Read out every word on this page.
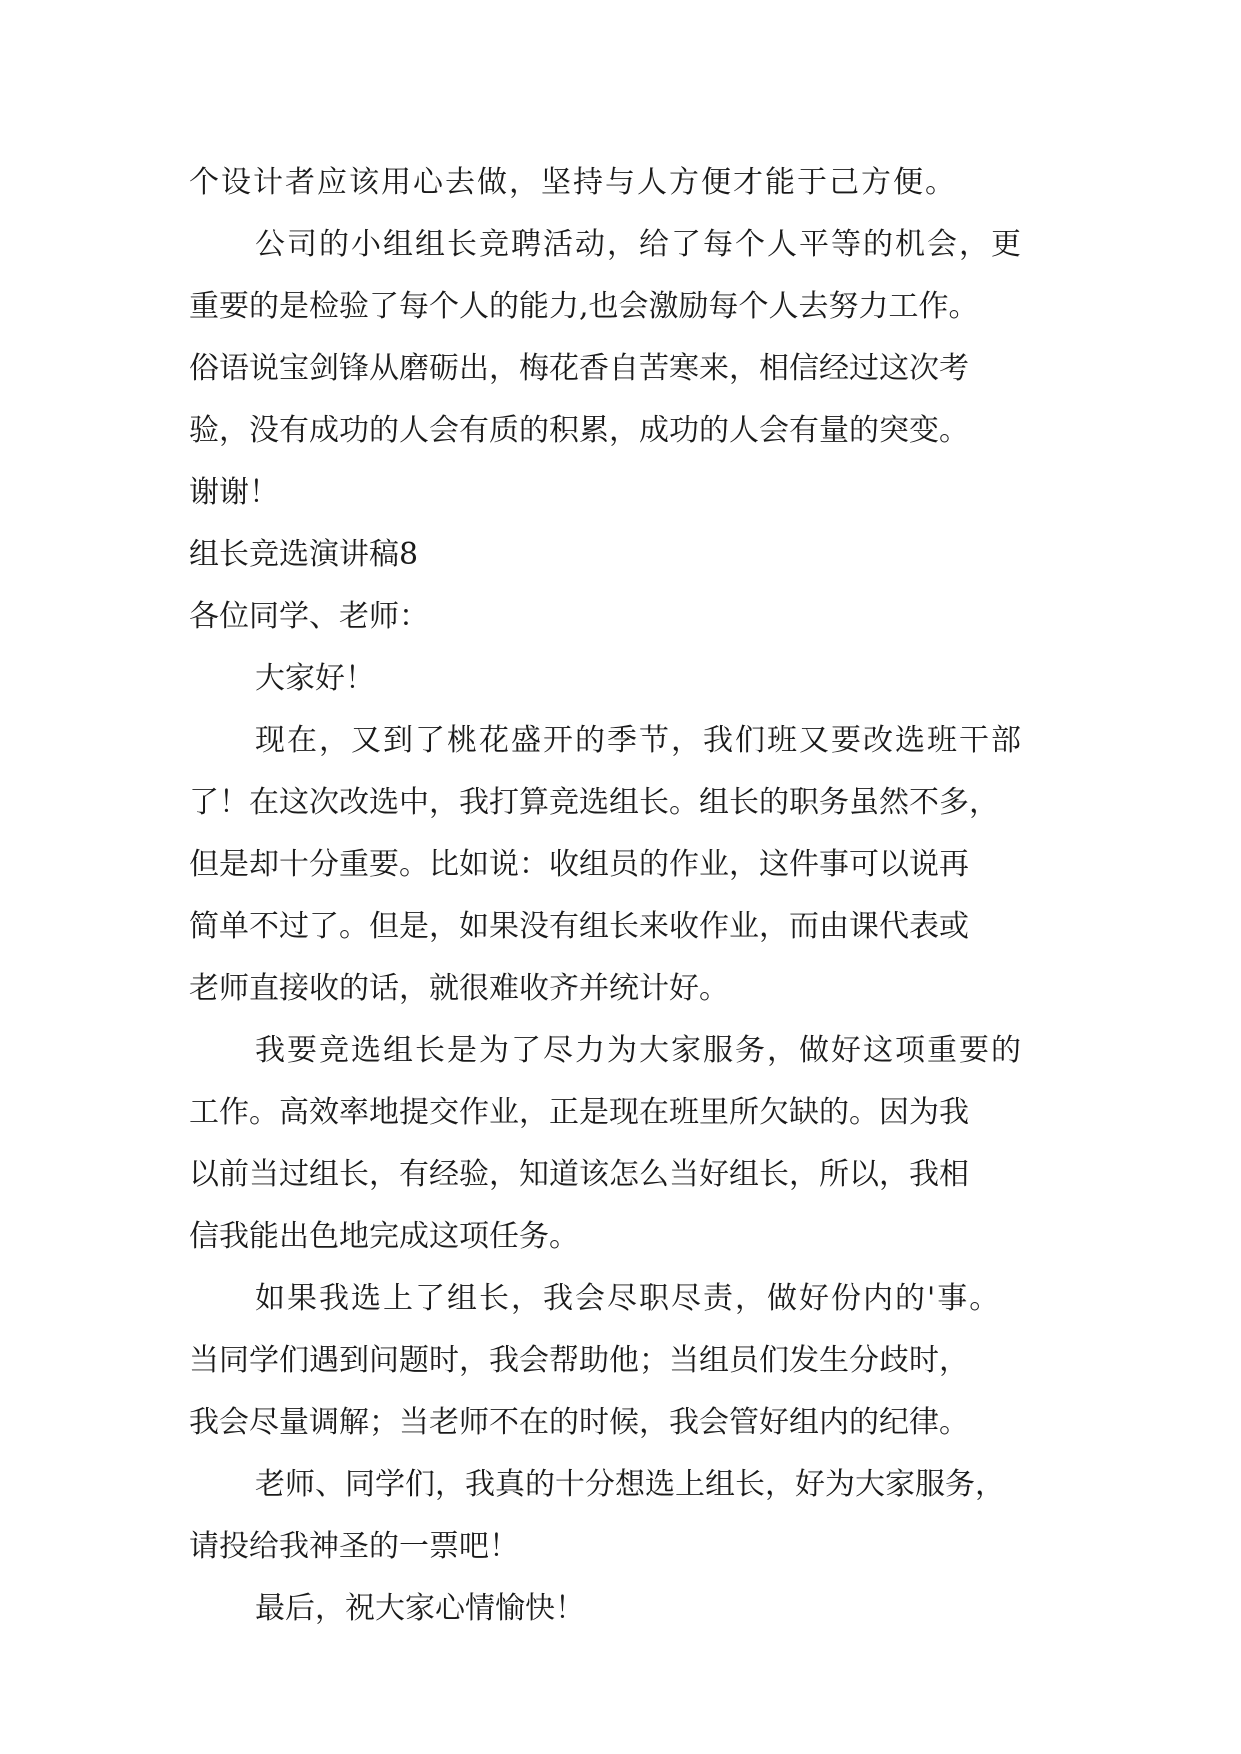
个设计者应该用心去做，坚持与人方便才能于己方便。
公司的小组组长竞聘活动，给了每个人平等的机会，更
重要的是检验了每个人的能力,也会激励每个人去努力工作。
俗语说宝剑锋从磨砺出，梅花香自苦寒来，相信经过这次考
验，没有成功的人会有质的积累，成功的人会有量的突变。
谢谢！
组长竞选演讲稿8
各位同学、老师：
大家好！
现在，又到了桃花盛开的季节，我们班又要改选班干部
了！在这次改选中，我打算竞选组长。组长的职务虽然不多，
但是却十分重要。比如说：收组员的作业，这件事可以说再
简单不过了。但是，如果没有组长来收作业，而由课代表或
老师直接收的话，就很难收齐并统计好。
我要竞选组长是为了尽力为大家服务，做好这项重要的
工作。高效率地提交作业，正是现在班里所欠缺的。因为我
以前当过组长，有经验，知道该怎么当好组长，所以，我相
信我能出色地完成这项任务。
如果我选上了组长，我会尽职尽责，做好份内的'事。
当同学们遇到问题时，我会帮助他；当组员们发生分歧时，
我会尽量调解；当老师不在的时候，我会管好组内的纪律。
老师、同学们，我真的十分想选上组长，好为大家服务，
请投给我神圣的一票吧！
最后，祝大家心情愉快！
